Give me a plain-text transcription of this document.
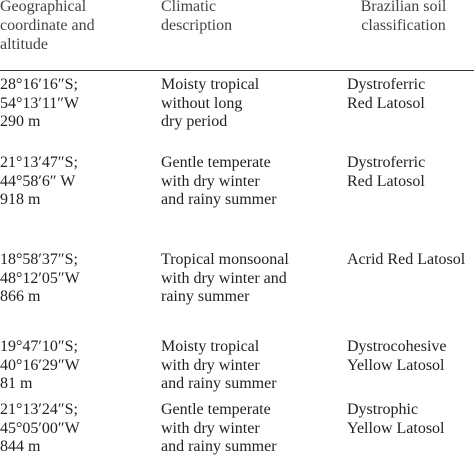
Geographical
coordinate and
altitude
Climatic
description
Brazilian soil
classification
28°16′16″S;
54°13′11″W
290 m
Moisty tropical
without long
dry period
Dystroferric
Red Latosol
21°13′47″S;
44°58′6″ W
918 m
Gentle temperate
with dry winter
and rainy summer
Dystroferric
Red Latosol
18°58′37″S;
48°12′05″W
866 m
Tropical monsoonal
with dry winter and
rainy summer
Acrid Red Latosol
19°47′10″S;
40°16′29″W
81 m
Moisty tropical
with dry winter
and rainy summer
Dystrocohesive
Yellow Latosol
21°13′24″S;
45°05′00″W
844 m
Gentle temperate
with dry winter
and rainy summer
Dystrophic
Yellow Latosol
